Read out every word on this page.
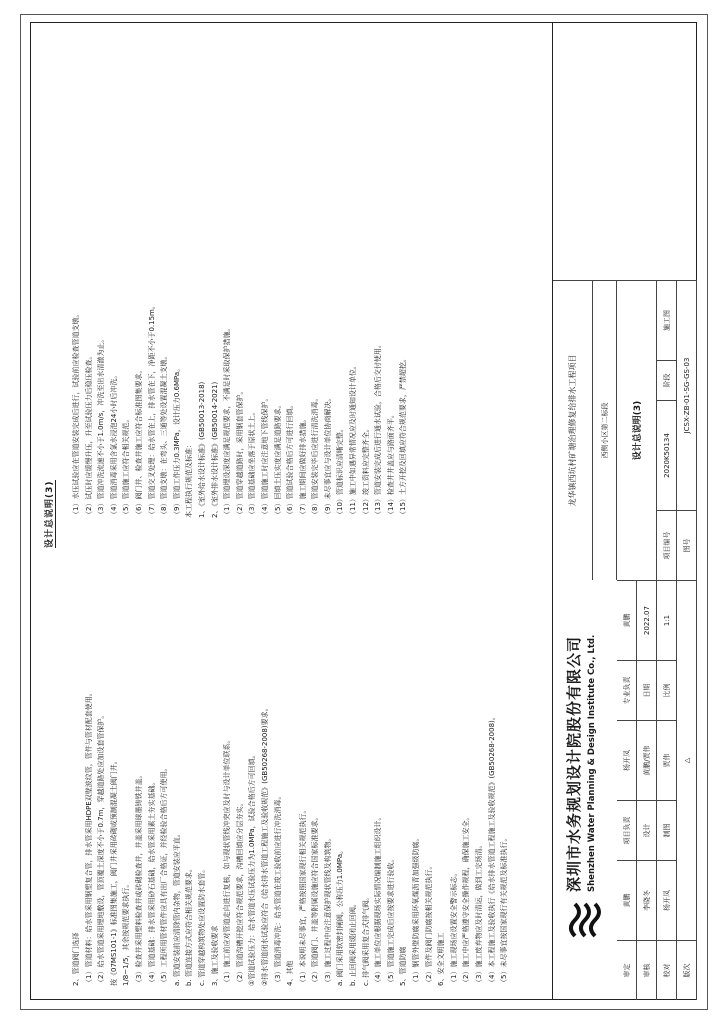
设计总说明(3)

2、管道阀门选择 （1）管道材料：给水管采用钢塑复合管，排水管采用HDPE双壁波纹管，管件与管材配套使用。 （2）给水管道采用埋地敷设，管顶覆土深度不小于0.7m，穿越道路处应加设套管保护。 按《07MS101-1》标准图集施工，阀门井采用砖砌或预制混凝土阀门井。 1/8~1/5，其余按规范要求执行。 （3）检查井采用塑料检查井或砖砌检查井，井盖采用球墨铸铁井盖。 （4）管道基础：排水管采用砂石基础，给水管采用素土夯实基础。 （5）工程所用管材管件应具有出厂合格证，并经检验合格后方可使用。 a. 管道安装前应清除管内杂物，管道安装应平直。 b. 管道连接方式应符合相关规范要求。 c. 管道穿越构筑物处应设置防水套管。 3、施工及验收要求 （1）施工前应对管道走向进行复核，如与现状管线冲突应及时与设计单位联系。 （2）管道沟槽开挖应符合规范要求，沟槽回填应分层夯实。 ①管道试验压力：给水管道水压试验压力为1.0MPa，试验合格后方可回填。 ②排水管道闭水试验应符合《给水排水管道工程施工及验收规范》(GB50268-2008)要求。 （3）管道消毒冲洗：给水管道在竣工验收前应进行冲洗消毒。 4、其他 （1）本说明未尽事宜，严格按照国家现行相关规范执行。 （2）管道阀门、井盖等附属设施应符合国家标准要求。 （3）施工过程中应注意保护现状管线及构筑物。 a. 阀门采用软密封闸阀，公称压力1.0MPa。 b. 止回阀采用缓闭止回阀。 c. 排气阀采用复合式排气阀。 （4）施工单位应根据现场实际情况编制施工组织设计。 （5）管道施工完成后应按要求进行验收。 5、管道防腐 （1）钢管外壁防腐采用环氧煤沥青加强级防腐。 （2）管件及阀门防腐按相关规范执行。 6、安全文明施工 （1）施工现场应设置安全警示标志。 （2）施工中应严格遵守安全操作规程，确保施工安全。 （3）施工废弃物应及时清运，做到工完场清。 （4）本工程施工及验收执行《给水排水管道工程施工及验收规范》(GB50268-2008)。 （5）未尽事宜按国家现行有关规范及标准执行。

（1）水压试验应在管道安装完成后进行，试验前应检查管道支墩。 （2）试压时应缓慢升压，升至试验压力后稳压检查。 （3）管道冲洗流速不小于1.0m/s，冲洗至出水清澈为止。 （4）管道消毒采用含氯水浸泡24小时后冲洗。 （5）管道施工应符合相关规范。 （6）阀门井、检查井施工应符合标准图集要求。 （7）管道交叉处理：给水管在上，排水管在下，净距不小于0.15m。 （8）管道支墩：在弯头、三通等处设置混凝土支墩。 （9）管道工作压力0.3MPa，设计压力0.6MPa。 本工程执行规范及标准： 1、《室外给水设计标准》(GB50013-2018) 2、《室外排水设计标准》(GB50014-2021) （1）管道埋设深度应满足规范要求，不满足时采取保护措施。 （2）管道穿越道路时，采用钢套管保护。 （3）管道基础应坐落于原状土上。 （4）管道施工时应注意地下管线保护。 （5）回填土压实度应满足道路要求。 （6）管道试验合格后方可进行回填。 （7）施工期间应做好排水措施。 （8）管道安装完毕后应进行清洗消毒。 （9）未尽事宜应与设计单位协商解决。 （10）管道标识应清晰完整。 （11）施工中如遇异常情况应及时通知设计单位。 （12）竣工资料应完整齐全。 （13）管道安装完成后进行通水试验，合格后交付使用。 （14）检查井井盖应与路面齐平。 （15）土方开挖及回填应符合规范要求，严禁超挖。

深圳市水务规划设计院股份有限公司 Shenzhen Water Planning & Design Institute Co., Ltd.
审定
黄鹏
项目负责
杨开凤
专业负责
黄鹏
龙华镇西坑村矿塘治理修复给排水工程项目	西侧小区第二标段
审核
李晓冬
设计
黄鹏/贾伟
日期
2022.07
设计总说明(3)
校对
杨开凤
制图
贾伟
比例
1:1
项目编号
2020K50134
阶段
施工图
版次
△
图号
JCSX-ZB-01-SG-GS-03
